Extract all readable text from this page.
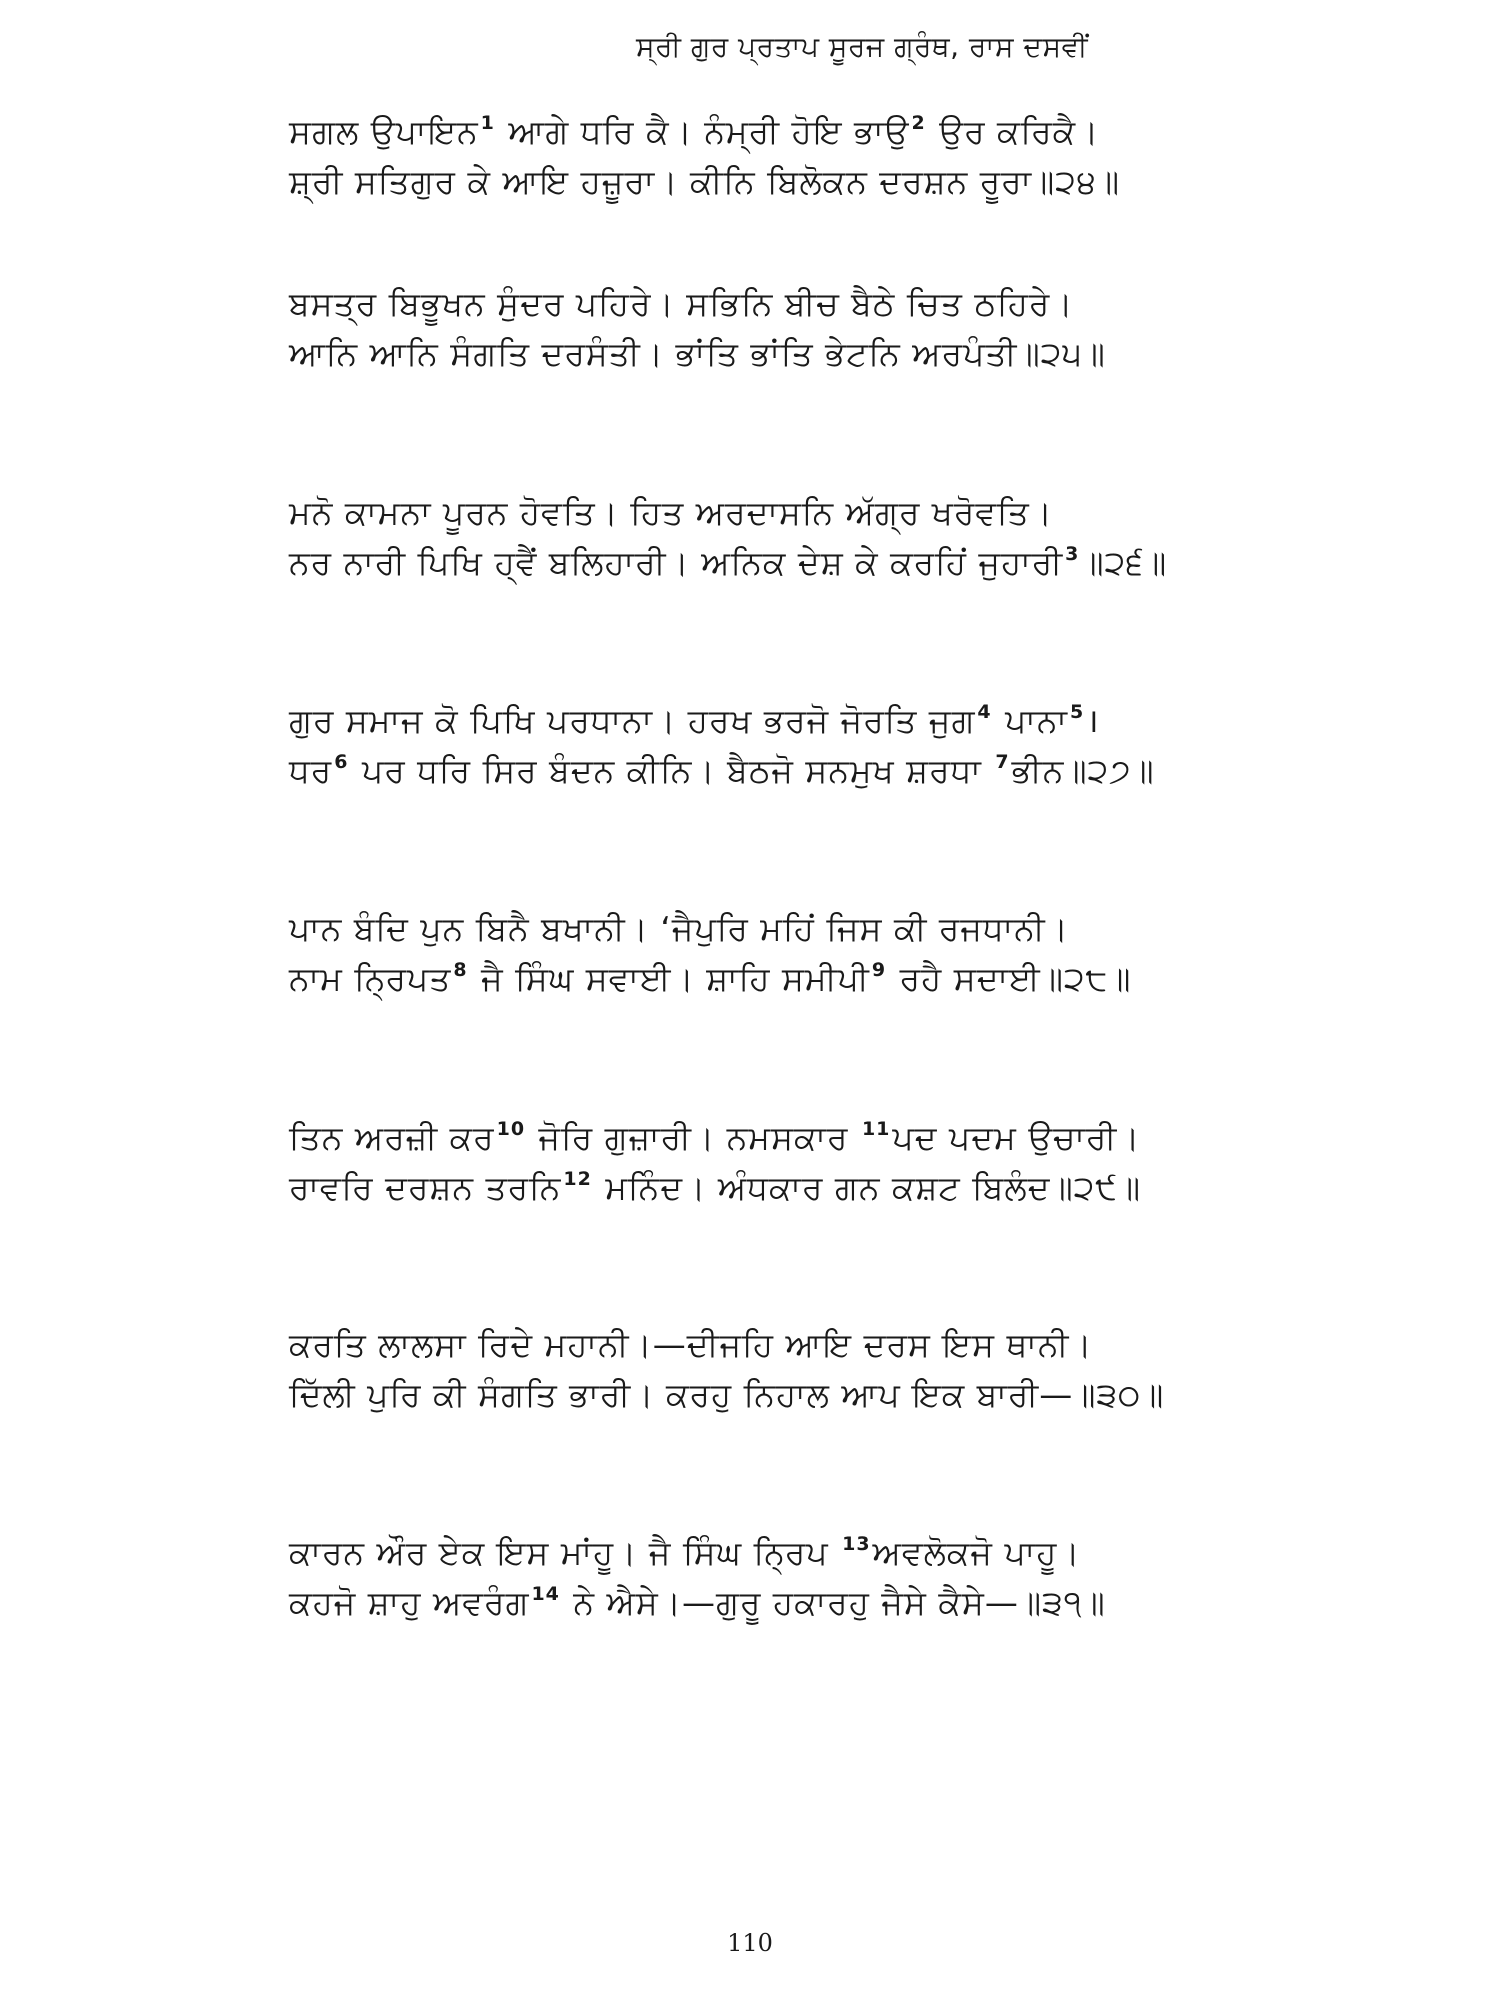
ਸ੍ਰੀ ਗੁਰ ਪ੍ਰਤਾਪ ਸੂਰਜ ਗ੍ਰੰਥ, ਰਾਸ ਦਸਵੀਂ
ਸਗਲ ਉਪਾਇਨ $^1$ ਆਗੇ ਧਰਿ ਕੈ। ਨੰਮ੍ਰੀ ਹੋਇ ਭਾਉ $^2$ ਉਰ ਕਰਿਕੈ।
ਸ਼੍ਰੀ ਸਤਿਗੁਰ ਕੇ ਆਇ ਹਜ਼ੂਰਾ। ਕੀਨਿ ਬਿਲੋਕਨ ਦਰਸ਼ਨ ਰੂਰਾ॥੨੪॥
ਬਸਤ੍ਰ ਬਿਭੂਖਨ ਸੁੰਦਰ ਪਹਿਰੇ। ਸਭਿਨਿ ਬੀਚ ਬੈਠੇ ਚਿਤ ਠਹਿਰੇ।
ਆਨਿ ਆਨਿ ਸੰਗਤਿ ਦਰਸੰਤੀ। ਭਾਂਤਿ ਭਾਂਤਿ ਭੇਟਨਿ ਅਰਪੰਤੀ॥੨੫॥
ਮਨੋ ਕਾਮਨਾ ਪੂਰਨ ਹੋਵਤਿ। ਹਿਤ ਅਰਦਾਸਨਿ ਅੱਗ੍ਰ ਖਰੋਵਤਿ।
ਨਰ ਨਾਰੀ ਪਿਖਿ ਹ੍ਵੈਂ ਬਲਿਹਾਰੀ। ਅਨਿਕ ਦੇਸ਼ ਕੇ ਕਰਹਿਂ ਜੁਹਾਰੀ $^3$॥੨੬॥
ਗੁਰ ਸਮਾਜ ਕੋ ਪਿਖਿ ਪਰਧਾਨਾ। ਹਰਖ ਭਰਜੋ ਜੋਰਤਿ ਜੁਗ $^4$ ਪਾਨਾ $^5$।
ਧਰ $^6$ ਪਰ ਧਰਿ ਸਿਰ ਬੰਦਨ ਕੀਨਿ। ਬੈਠਜੋ ਸਨਮੁਖ ਸ਼ਰਧਾ $^7$ਭੀਨ॥੨੭॥
ਪਾਨ ਬੰਦਿ ਪੁਨ ਬਿਨੈ ਬਖਾਨੀ। ‘ਜੈਪੁਰਿ ਮਹਿਂ ਜਿਸ ਕੀ ਰਜਧਾਨੀ।
ਨਾਮ ਨ੍ਰਿਪਤ $^8$ ਜੈ ਸਿੰਘ ਸਵਾਈ। ਸ਼ਾਹਿ ਸਮੀਪੀ $^9$ ਰਹੈ ਸਦਾਈ॥੨੮॥
ਤਿਨ ਅਰਜ਼ੀ ਕਰ $^{10}$ ਜੋਰਿ ਗੁਜ਼ਾਰੀ। ਨਮਸਕਾਰ $^{11}$ਪਦ ਪਦਮ ਉਚਾਰੀ।
ਰਾਵਰਿ ਦਰਸ਼ਨ ਤਰਨਿ $^{12}$ ਮਨਿੰਦ। ਅੰਧਕਾਰ ਗਨ ਕਸ਼ਟ ਬਿਲੰਦ॥੨੯॥
ਕਰਤਿ ਲਾਲਸਾ ਰਿਦੇ ਮਹਾਨੀ।—ਦੀਜਹਿ ਆਇ ਦਰਸ ਇਸ ਥਾਨੀ।
ਦਿੱਲੀ ਪੁਰਿ ਕੀ ਸੰਗਤਿ ਭਾਰੀ। ਕਰਹੁ ਨਿਹਾਲ ਆਪ ਇਕ ਬਾਰੀ—॥੩੦॥
ਕਾਰਨ ਔਰ ਏਕ ਇਸ ਮਾਂਹੂ। ਜੈ ਸਿੰਘ ਨ੍ਰਿਪ $^{13}$ਅਵਲੋਕਜੋ ਪਾਹੂ।
ਕਹਜੋ ਸ਼ਾਹੁ ਅਵਰੰਗ $^{14}$ ਨੇ ਐਸੇ।—ਗੁਰੂ ਹਕਾਰਹੁ ਜੈਸੇ ਕੈਸੇ—॥੩੧॥
110
